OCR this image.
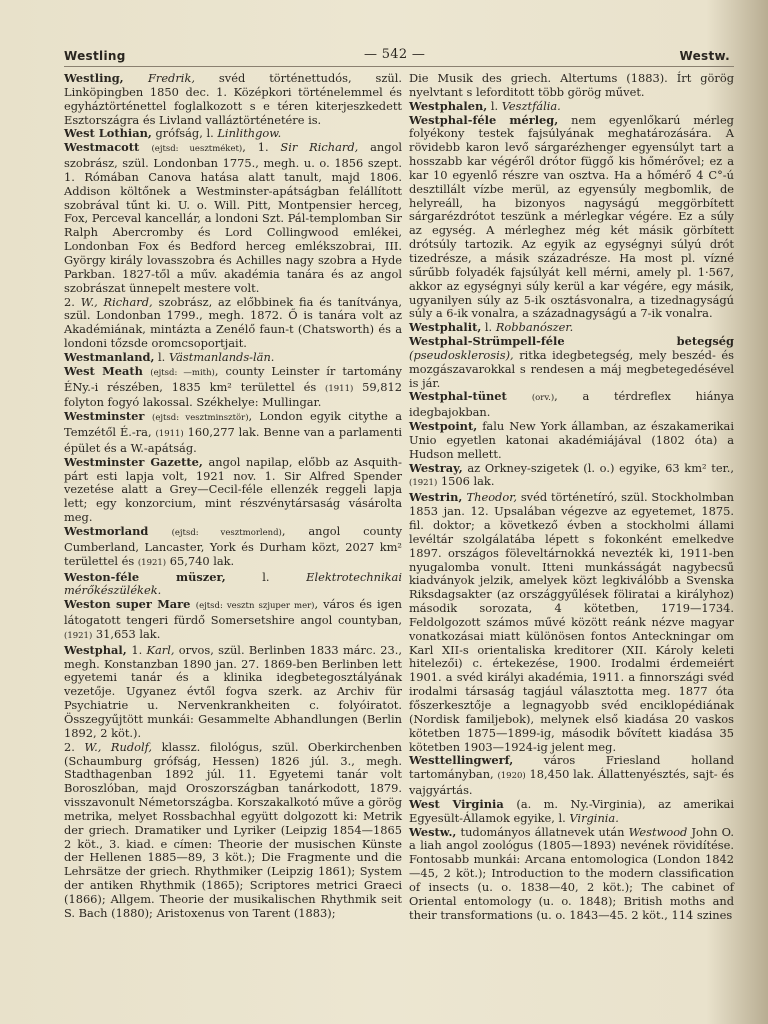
Westling	— 542 —	Westw.

Westling, Fredrik, svéd történettudós, szül. Linköpingben 1850 dec. 1. Középkori történelemmel és egyháztörténettel foglalkozott s e téren kiterjeszkedett Esztországra és Livland valláztörténetére is.

West Lothian, grófság, l. Linlithgow.

Westmacott (ejtsd: uesztméket), 1. Sir Richard, angol szobrász, szül. Londonban 1775., megh. u. o. 1856 szept. 1. Rómában Canova hatása alatt tanult, majd 1806. Addison költőnek a Westminster-apátságban felállított szobrával tűnt ki. U. o. Will. Pitt, Montpensier herceg, Fox, Perceval kancellár, a londoni Szt. Pál-templomban Sir Ralph Abercromby és Lord Collingwood emlékei, Londonban Fox és Bedford herceg emlékszobrai, III. György király lovasszobra és Achilles nagy szobra a Hyde Parkban. 1827-től a műv. akadémia tanára és az angol szobrászat ünnepelt mestere volt.

2. W., Richard, szobrász, az előbbinek fia és tanítványa, szül. Londonban 1799., megh. 1872. Ő is tanára volt az Akadémiának, mintázta a Zenélő faun-t (Chatsworth) és a londoni tőzsde oromcsoportjait.

Westmanland, l. Västmanlands-län.

West Meath (ejtsd: —mith), county Leinster ír tartomány ÉNy.-i részében, 1835 km² területtel és (1911) 59,812 folyton fogyó lakossal. Székhelye: Mullingar.

Westminster (ejtsd: vesztminsztör), London egyik citythe a Temzétől É.-ra, (1911) 160,277 lak. Benne van a parlamenti épület és a W.-apátság.

Westminster Gazette, angol napilap, előbb az Asquith-párt esti lapja volt, 1921 nov. 1. Sir Alfred Spender vezetése alatt a Grey—Cecil-féle ellenzék reggeli lapja lett; egy konzorcium, mint részvénytársaság vásárolta meg.

Westmorland (ejtsd: vesztmorlend), angol county Cumberland, Lancaster, York és Durham közt, 2027 km² területtel és (1921) 65,740 lak.

Weston-féle müszer, l. Elektrotechnikai mérőkészülékek.

Weston super Mare (ejtsd: vesztn szjuper mer), város és igen látogatott tengeri fürdő Somersetshire angol countyban, (1921) 31,653 lak.

Westphal, 1. Karl, orvos, szül. Berlinben 1833 márc. 23., megh. Konstanzban 1890 jan. 27. 1869-ben Berlinben lett egyetemi tanár és a klinika idegbetegosztályának vezetője. Ugyanez évtől fogva szerk. az Archiv für Psychiatrie u. Nervenkrankheiten c. folyóiratot. Összegyűjtött munkái: Gesammelte Abhandlungen (Berlin 1892, 2 köt.).

2. W., Rudolf, klassz. filológus, szül. Oberkirchenben (Schaumburg grófság, Hessen) 1826 júl. 3., megh. Stadthagenban 1892 júl. 11. Egyetemi tanár volt Boroszlóban, majd Oroszországban tanárkodott, 1879. visszavonult Németországba. Korszakalkotó műve a görög metrika, melyet Rossbachhal együtt dolgozott ki: Metrik der griech. Dramatiker und Lyriker (Leipzig 1854—1865 2 köt., 3. kiad. e címen: Theorie der musischen Künste der Hellenen 1885—89, 3 köt.); Die Fragmente und die Lehrsätze der griech. Rhythmiker (Leipzig 1861); System der antiken Rhythmik (1865); Scriptores metrici Graeci (1866); Allgem. Theorie der musikalischen Rhythmik seit S. Bach (1880); Aristoxenus von Tarent (1883);

Die Musik des griech. Altertums (1883). Írt görög nyelvtant s leforditott több görög művet.

Westphalen, l. Vesztfália.

Westphal-féle mérleg, nem egyenlőkarú mérleg folyékony testek fajsúlyának meghatározására. A rövidebb karon levő sárgarézhenger egyensúlyt tart a hosszabb kar végéről drótor függő kis hőmérővel; ez a kar 10 egyenlő részre van osztva. Ha a hőmérő 4 C°-ú desztillált vízbe merül, az egyensúly megbomlik, de helyreáll, ha bizonyos nagyságú meggörbített sárgarézdrótot teszünk a mérlegkar végére. Ez a súly az egység. A mérleghez még két másik görbített drótsúly tartozik. Az egyik az egységnyi súlyú drót tizedrésze, a másik századrésze. Ha most pl. vízné sűrűbb folyadék fajsúlyát kell mérni, amely pl. 1·567, akkor az egységnyi súly kerül a kar végére, egy másik, ugyanilyen súly az 5-ik osztásvonalra, a tizednagyságú súly a 6-ik vonalra, a századnagyságú a 7-ik vonalra.

Westphalit, l. Robbanószer.

Westphal-Strümpell-féle betegség (pseudosklerosis), ritka idegbetegség, mely beszéd- és mozgászavarokkal s rendesen a máj megbetegedésével is jár.

Westphal-tünet (orv.), a térdreflex hiánya idegbajokban.

Westpoint, falu New York államban, az északamerikai Unio egyetlen katonai akadémiájával (1802 óta) a Hudson mellett.

Westray, az Orkney-szigetek (l. o.) egyike, 63 km² ter., (1921) 1506 lak.

Westrin, Theodor, svéd történetíró, szül. Stockholmban 1853 jan. 12. Upsalában végezve az egyetemet, 1875. fil. doktor; a következő évben a stockholmi állami levéltár szolgálatába lépett s fokonként emelkedve 1897. országos föleveltárnokká nevezték ki, 1911-ben nyugalomba vonult. Itteni munkásságát nagybecsű kiadványok jelzik, amelyek közt legkiválóbb a Svenska Riksdagsakter (az országgyűlések föliratai a királyhoz) második sorozata, 4 kötetben, 1719—1734. Feldolgozott számos művé között reánk nézve magyar vonatkozásai miatt különösen fontos Anteckningar om Karl XII-s orientaliska kreditorer (XII. Károly keleti hitelezői) c. értekezése, 1900. Irodalmi érdemeiért 1901. a svéd királyi akadémia, 1911. a finnországi svéd irodalmi társaság tagjául választotta meg. 1877 óta főszerkesztője a legnagyobb svéd enciklopédiának (Nordisk familjebok), melynek első kiadása 20 vaskos kötetben 1875—1899-ig, második bővített kiadása 35 kötetben 1903—1924-ig jelent meg.

Westtellingwerf, város Friesland holland tartományban, (1920) 18,450 lak. Állattenyésztés, sajt- és vajgyártás.

West Virginia (a. m. Ny.-Virginia), az amerikai Egyesült-Államok egyike, l. Virginia.

Westw., tudományos állatnevek után Westwood John O. a liah angol zoológus (1805—1893) nevének rövidítése. Fontosabb munkái: Arcana entomologica (London 1842—45, 2 köt.); Introduction to the modern classification of insects (u. o. 1838—40, 2 köt.); The cabinet of Oriental entomology (u. o. 1848); British moths and their transformations (u. o. 1843—45. 2 köt., 114 szines
